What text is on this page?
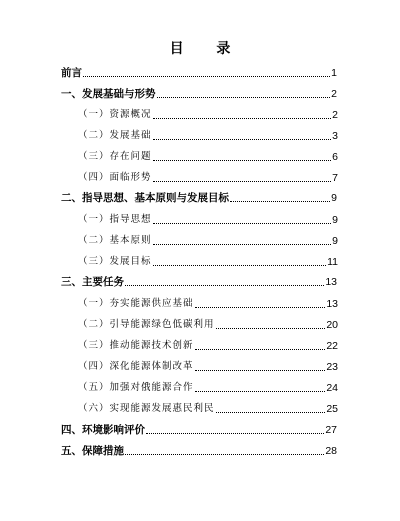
目 录
前言	1
一、发展基础与形势	2
（一）资源概况	2
（二）发展基础	3
（三）存在问题	6
（四）面临形势	7
二、指导思想、基本原则与发展目标	9
（一）指导思想	9
（二）基本原则	9
（三）发展目标	11
三、主要任务	13
（一）夯实能源供应基础	13
（二）引导能源绿色低碳利用	20
（三）推动能源技术创新	22
（四）深化能源体制改革	23
（五）加强对俄能源合作	24
（六）实现能源发展惠民利民	25
四、环境影响评价	27
五、保障措施	28
